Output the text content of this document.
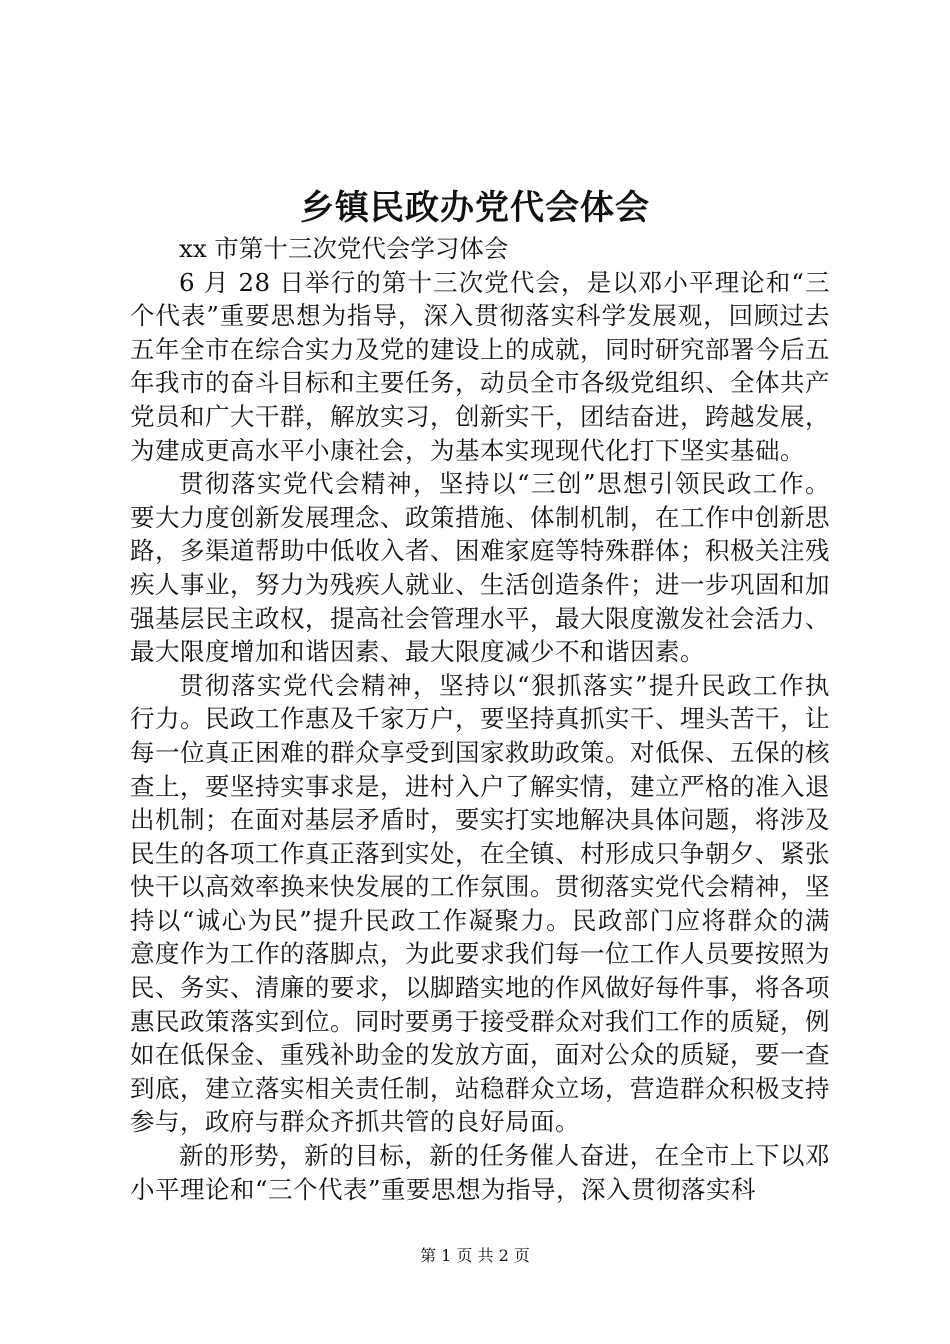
乡镇民政办党代会体会

xx 市第十三次党代会学习体会

6 月 28 日举行的第十三次党代会，是以邓小平理论和“三个代表”重要思想为指导，深入贯彻落实科学发展观，回顾过去五年全市在综合实力及党的建设上的成就，同时研究部署今后五年我市的奋斗目标和主要任务，动员全市各级党组织、全体共产党员和广大干群，解放实习，创新实干，团结奋进，跨越发展，为建成更高水平小康社会，为基本实现现代化打下坚实基础。

贯彻落实党代会精神，坚持以“三创”思想引领民政工作。要大力度创新发展理念、政策措施、体制机制，在工作中创新思路，多渠道帮助中低收入者、困难家庭等特殊群体；积极关注残疾人事业，努力为残疾人就业、生活创造条件；进一步巩固和加强基层民主政权，提高社会管理水平，最大限度激发社会活力、最大限度增加和谐因素、最大限度减少不和谐因素。

贯彻落实党代会精神，坚持以“狠抓落实”提升民政工作执行力。民政工作惠及千家万户，要坚持真抓实干、埋头苦干，让每一位真正困难的群众享受到国家救助政策。对低保、五保的核查上，要坚持实事求是，进村入户了解实情，建立严格的准入退出机制；在面对基层矛盾时，要实打实地解决具体问题，将涉及民生的各项工作真正落到实处，在全镇、村形成只争朝夕、紧张快干以高效率换来快发展的工作氛围。贯彻落实党代会精神，坚持以“诚心为民”提升民政工作凝聚力。民政部门应将群众的满意度作为工作的落脚点，为此要求我们每一位工作人员要按照为民、务实、清廉的要求，以脚踏实地的作风做好每件事，将各项惠民政策落实到位。同时要勇于接受群众对我们工作的质疑，例如在低保金、重残补助金的发放方面，面对公众的质疑，要一查到底，建立落实相关责任制，站稳群众立场，营造群众积极支持参与，政府与群众齐抓共管的良好局面。

新的形势，新的目标，新的任务催人奋进，在全市上下以邓小平理论和“三个代表”重要思想为指导，深入贯彻落实科

第 1 页 共 2 页
